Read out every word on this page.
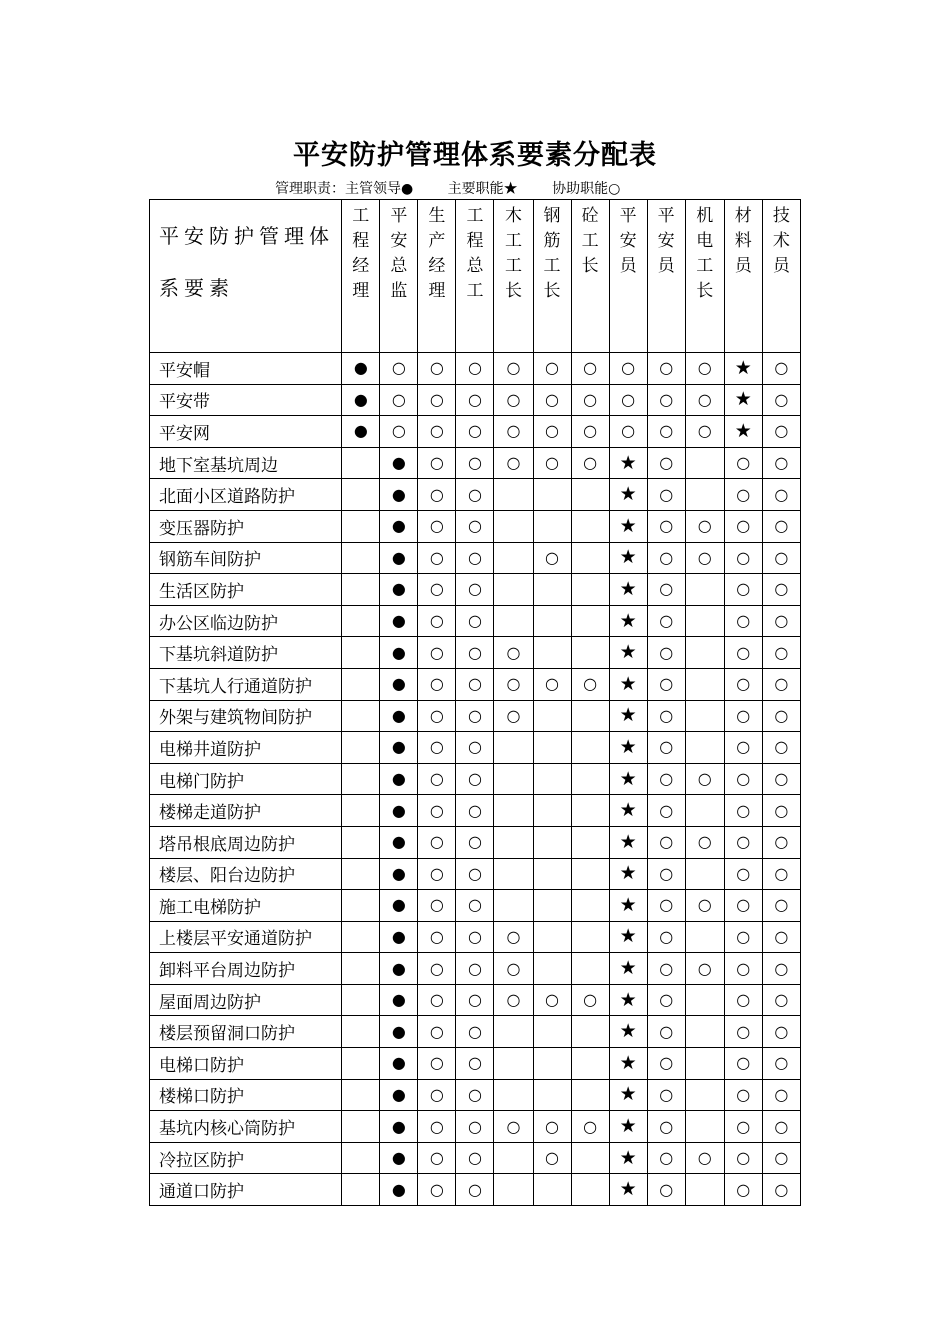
平安防护管理体系要素分配表
管理职责：主管领导● 主要职能★ 协助职能○
平安防护管理体系要素	工程经理	平安总监	生产经理	工程总工	木工工长	钢筋工长	砼工长	平安员	平安员	机电工长	材料员	技术员

平安帽	●	○	○	○	○	○	○	○	○	○	★	○
平安带	●	○	○	○	○	○	○	○	○	○	★	○
平安网	●	○	○	○	○	○	○	○	○	○	★	○
地下室基坑周边		●	○	○	○	○	○	★	○		○	○
北面小区道路防护		●	○	○				★	○		○	○
变压器防护		●	○	○				★	○	○	○	○
钢筋车间防护		●	○	○		○		★	○	○	○	○
生活区防护		●	○	○				★	○		○	○
办公区临边防护		●	○	○				★	○		○	○
下基坑斜道防护		●	○	○	○			★	○		○	○
下基坑人行通道防护		●	○	○	○	○	○	★	○		○	○
外架与建筑物间防护		●	○	○	○			★	○		○	○
电梯井道防护		●	○	○				★	○		○	○
电梯门防护		●	○	○				★	○	○	○	○
楼梯走道防护		●	○	○				★	○		○	○
塔吊根底周边防护		●	○	○				★	○	○	○	○
楼层、阳台边防护		●	○	○				★	○		○	○
施工电梯防护		●	○	○				★	○	○	○	○
上楼层平安通道防护		●	○	○	○			★	○		○	○
卸料平台周边防护		●	○	○	○			★	○	○	○	○
屋面周边防护		●	○	○	○	○	○	★	○		○	○
楼层预留洞口防护		●	○	○				★	○		○	○
电梯口防护		●	○	○				★	○		○	○
楼梯口防护		●	○	○				★	○		○	○
基坑内核心筒防护		●	○	○	○	○	○	★	○		○	○
冷拉区防护		●	○	○		○		★	○	○	○	○
通道口防护		●	○	○				★	○		○	○
